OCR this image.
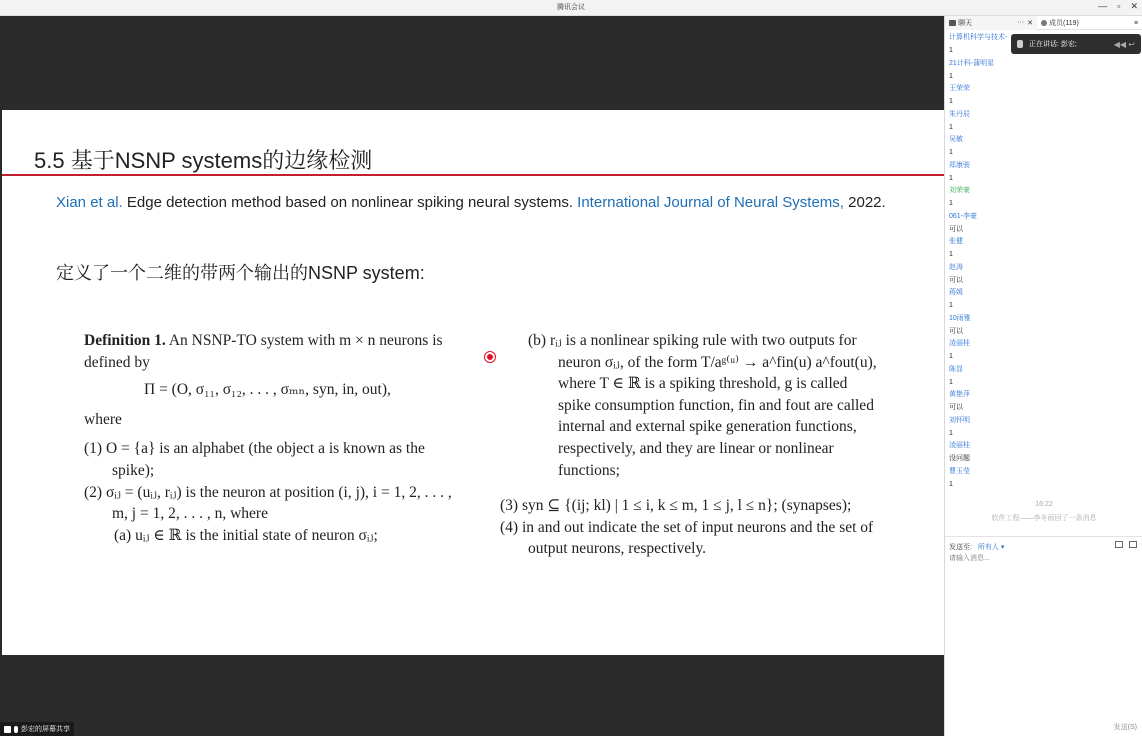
腾讯会议	— ▫ ✕
5.5 基于NSNP systems的边缘检测
Xian et al. Edge detection method based on nonlinear spiking neural systems. International Journal of Neural Systems, 2022.
定义了一个二维的带两个输出的NSNP system:
Definition 1. An NSNP-TO system with m × n neurons is defined by
Π = (O, σ₁₁, σ₁₂, . . . , σₘₙ, syn, in, out),
where
(1) O = {a} is an alphabet (the object a is known as the spike);
(2) σᵢⱼ = (uᵢⱼ, rᵢⱼ) is the neuron at position (i, j), i = 1, 2, . . . , m, j = 1, 2, . . . , n, where
(a) uᵢⱼ ∈ ℝ is the initial state of neuron σᵢⱼ;
(b) rᵢⱼ is a nonlinear spiking rule with two outputs for neuron σᵢⱼ, of the form T/aᵍ⁽ᵘ⁾ → a^fin(u) a^fout(u), where T ∈ ℝ is a spiking threshold, g is called spike consumption function, fin and fout are called internal and external spike generation functions, respectively, and they are linear or nonlinear functions;
(3) syn ⊆ {(ij; kl) | 1 ≤ i, k ≤ m, 1 ≤ j, l ≤ n}; (synapses);
(4) in and out indicate the set of input neurons and the set of output neurons, respectively.
彭宏的屏幕共享
聊天	··· ✕ 成员(119)	≡
计算机科学与技术-
1
21计科-蒲明星
1
王荣荣
1
朱丹辰
1
吴敏
1
郑康骏
1
刘荣豪
1
061-李豪
可以
张健
1
赵涛
可以
蒋媛
1
10雨雅
可以
凌丽桂
1
陈显
1
黄艳萍
可以
刘怀明
1
凌丽桂
没问题
曹玉莹
1
正在讲话: 彭宏;	◀◀ ↩
16:22
软件工程——李冬雨回了一条消息
发送至: 所有人 ▾
请输入消息...
发送(S)
